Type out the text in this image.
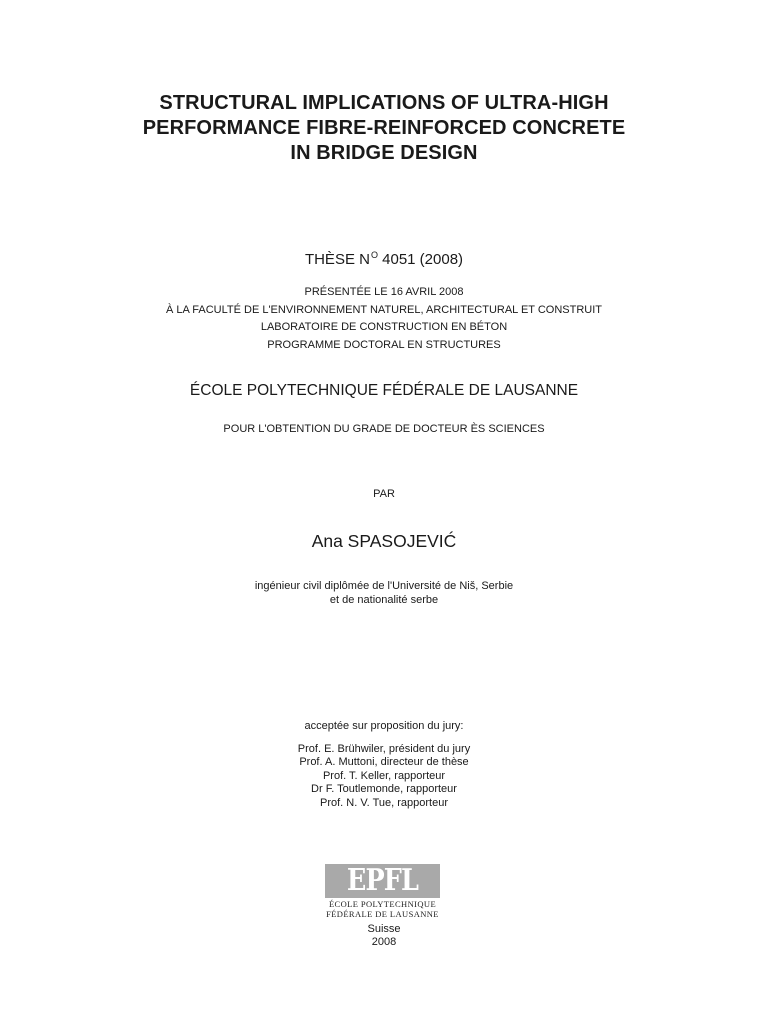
STRUCTURAL IMPLICATIONS OF ULTRA-HIGH
PERFORMANCE FIBRE-REINFORCED CONCRETE
IN BRIDGE DESIGN
THÈSE $N^O$ 4051 (2008)
PRÉSENTÉE LE 16 AVRIL 2008
À LA FACULTÉ DE L'ENVIRONNEMENT NATUREL, ARCHITECTURAL ET CONSTRUIT
LABORATOIRE DE CONSTRUCTION EN BÉTON
PROGRAMME DOCTORAL EN STRUCTURES
ÉCOLE POLYTECHNIQUE FÉDÉRALE DE LAUSANNE
POUR L'OBTENTION DU GRADE DE DOCTEUR ÈS SCIENCES
PAR
Ana SPASOJEVIĆ
ingénieur civil diplômée de l'Université de Niš, Serbie
et de nationalité serbe
acceptée sur proposition du jury:
Prof. E. Brühwiler, président du jury
Prof. A. Muttoni, directeur de thèse
Prof. T. Keller, rapporteur
Dr F. Toutlemonde, rapporteur
Prof. N. V. Tue, rapporteur
EPFL
ÉCOLE POLYTECHNIQUE
FÉDÉRALE DE LAUSANNE
Suisse
2008
